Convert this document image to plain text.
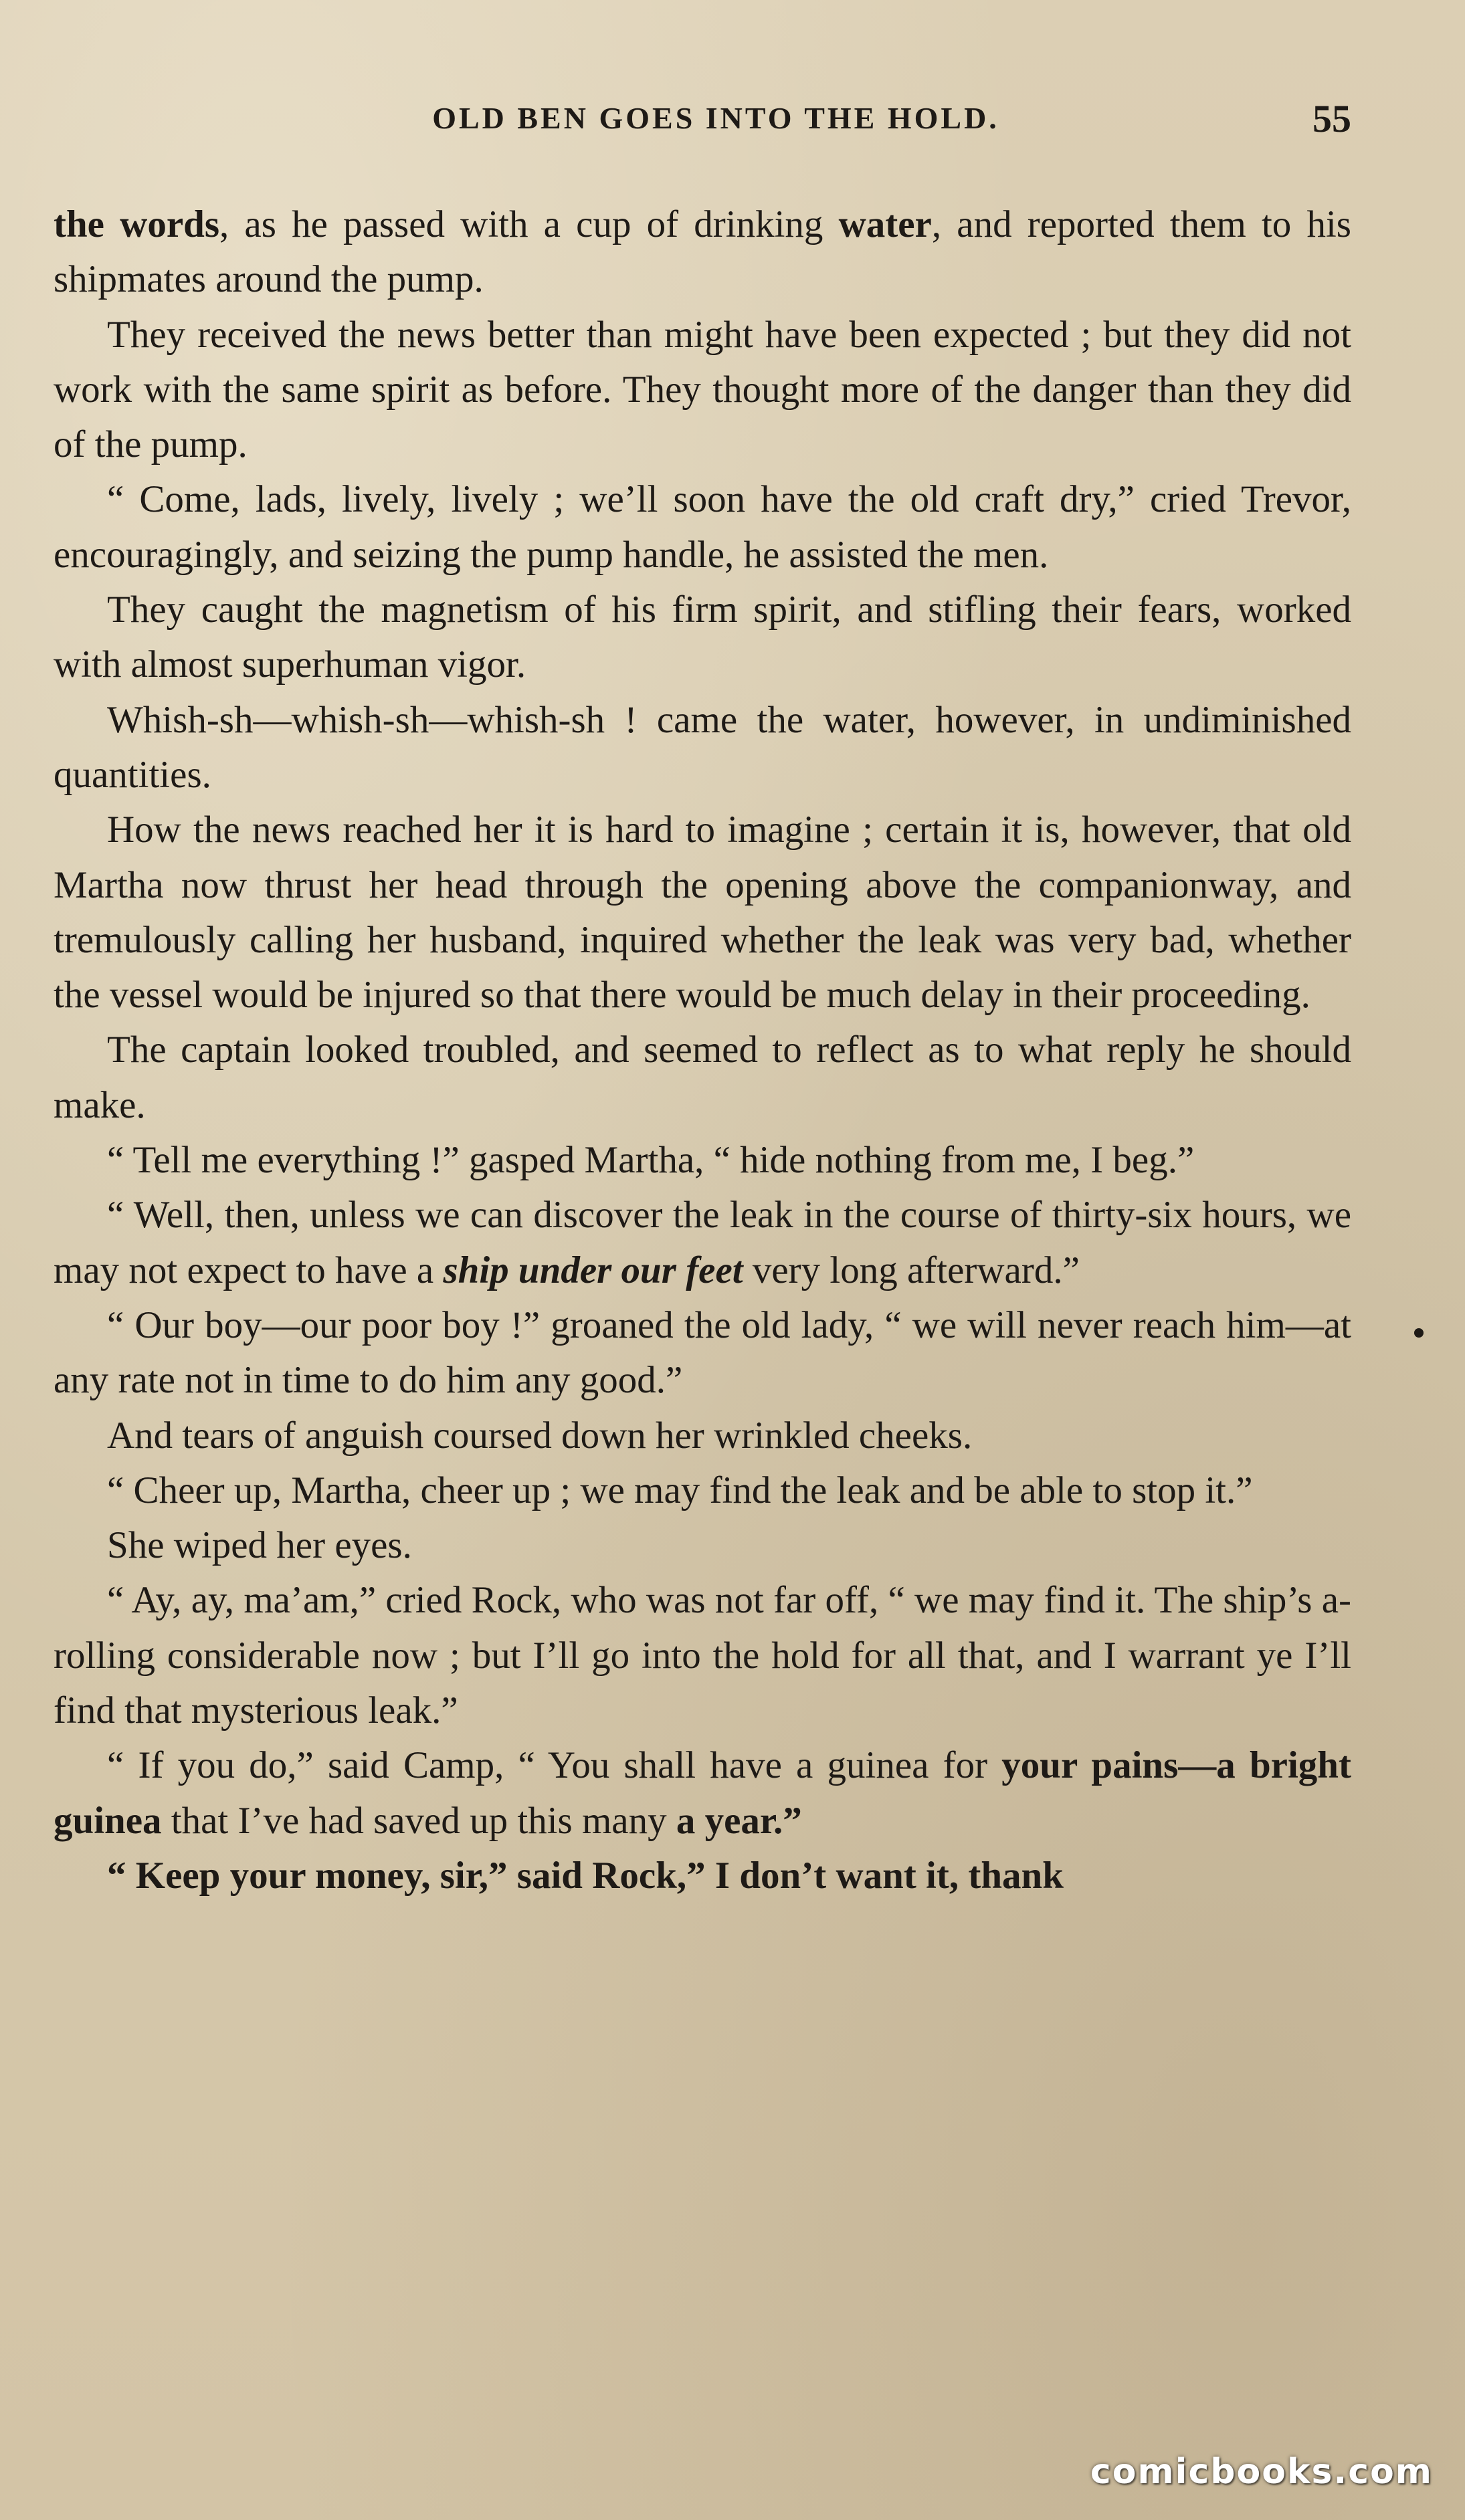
OLD BEN GOES INTO THE HOLD.	55

the words, as he passed with a cup of drinking water, and reported them to his shipmates around the pump.

They received the news better than might have been expected ; but they did not work with the same spirit as before. They thought more of the danger than they did of the pump.

“ Come, lads, lively, lively ; we’ll soon have the old craft dry,” cried Trevor, encouragingly, and seizing the pump handle, he assisted the men.

They caught the magnetism of his firm spirit, and stifling their fears, worked with almost superhuman vigor.

Whish-sh—whish-sh—whish-sh ! came the water, however, in undiminished quantities.

How the news reached her it is hard to imagine ; certain it is, however, that old Martha now thrust her head through the opening above the companionway, and tremulously calling her husband, inquired whether the leak was very bad, whether the vessel would be injured so that there would be much delay in their proceeding.

The captain looked troubled, and seemed to reflect as to what reply he should make.

“ Tell me everything !” gasped Martha, “ hide nothing from me, I beg.”

“ Well, then, unless we can discover the leak in the course of thirty-six hours, we may not expect to have a ship under our feet very long afterward.”

“ Our boy—our poor boy !” groaned the old lady, “ we will never reach him—at any rate not in time to do him any good.”

And tears of anguish coursed down her wrinkled cheeks.

“ Cheer up, Martha, cheer up ; we may find the leak and be able to stop it.”

She wiped her eyes.

“ Ay, ay, ma’am,” cried Rock, who was not far off, “ we may find it. The ship’s a-rolling considerable now ; but I’ll go into the hold for all that, and I warrant ye I’ll find that mysterious leak.”

“ If you do,” said Camp, “ You shall have a guinea for your pains—a bright guinea that I’ve had saved up this many a year.”

“ Keep your money, sir,” said Rock,” I don’t want it, thank

comicbooks.com
